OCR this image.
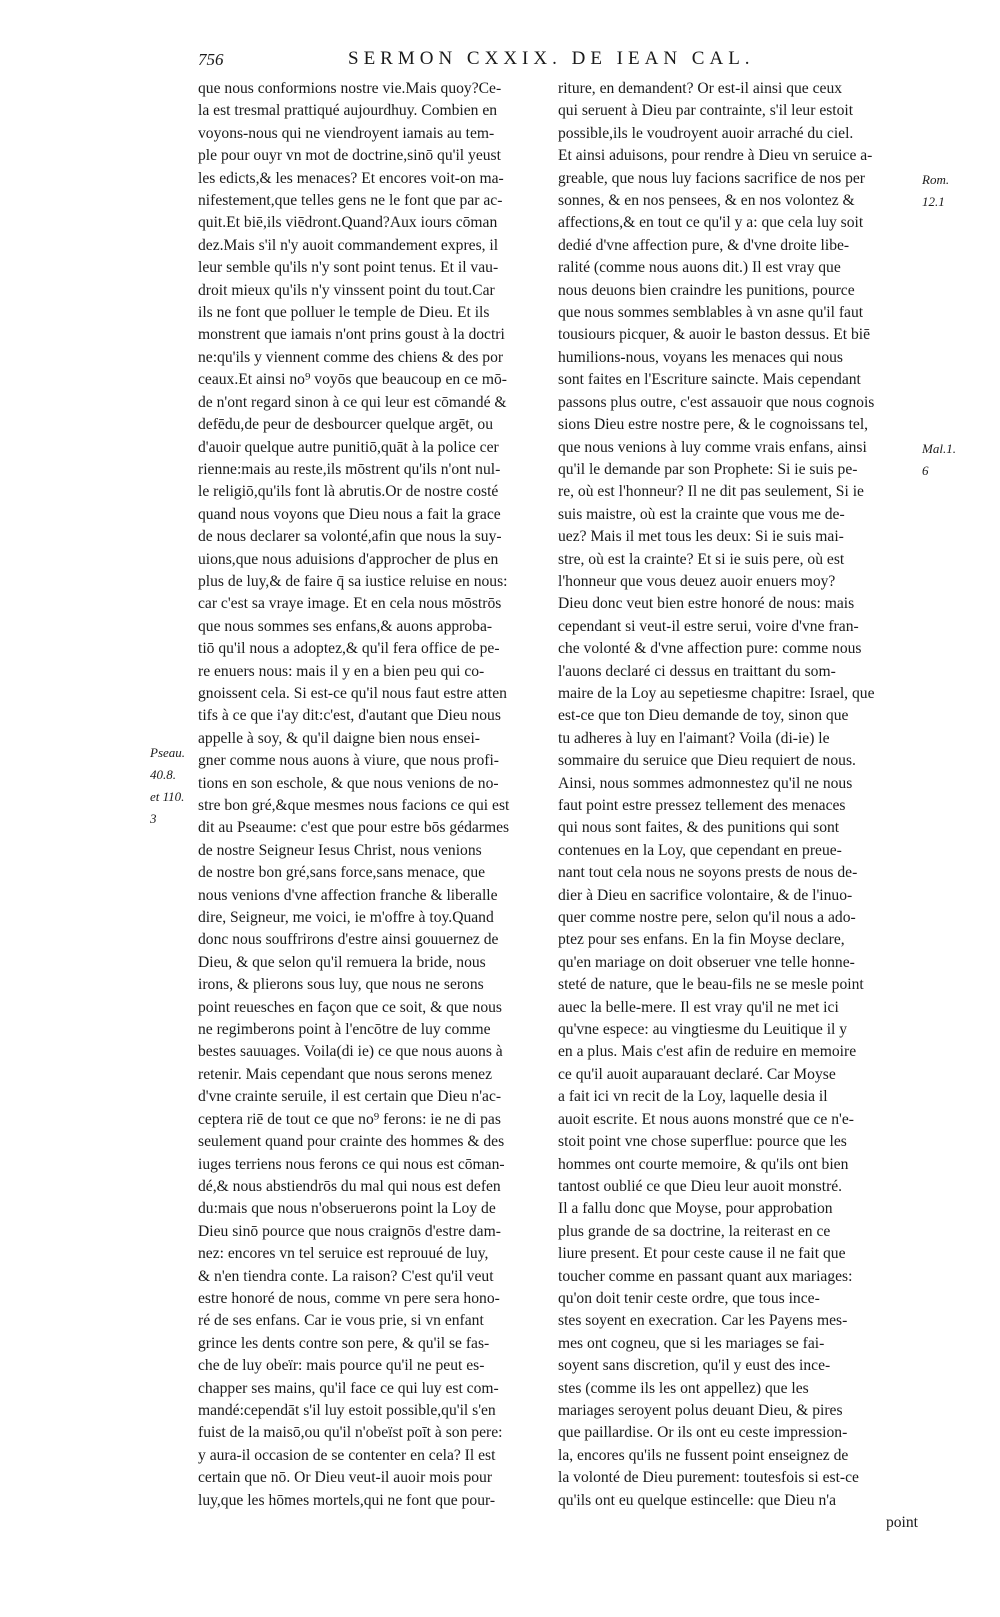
756	SERMON CXXIX. DE IEAN CAL.
que nous conformions nostre vie.Mais quoy?Ce-
la est tresmal prattiqué aujourdhuy. Combien en
voyons-nous qui ne viendroyent iamais au tem-
ple pour ouyr vn mot de doctrine,sinō qu'il yeust
les edicts,& les menaces? Et encores voit-on ma-
nifestement,que telles gens ne le font que par ac-
quit.Et biē,ils viēdront.Quand?Aux iours cōman
dez.Mais s'il n'y auoit commandement expres, il
leur semble qu'ils n'y sont point tenus. Et il vau-
droit mieux qu'ils n'y vinssent point du tout.Car
ils ne font que polluer le temple de Dieu. Et ils
monstrent que iamais n'ont prins goust à la doctri
ne:qu'ils y viennent comme des chiens & des por
ceaux.Et ainsi no⁹ voyōs que beaucoup en ce mō-
de n'ont regard sinon à ce qui leur est cōmandé &
defēdu,de peur de desbourcer quelque argēt, ou
d'auoir quelque autre punitiō,quāt à la police cer
rienne:mais au reste,ils mōstrent qu'ils n'ont nul-
le religiō,qu'ils font là abrutis.Or de nostre costé
quand nous voyons que Dieu nous a fait la grace
de nous declarer sa volonté,afin que nous la suy-
uions,que nous aduisions d'approcher de plus en
plus de luy,& de faire q̄ sa iustice reluise en nous:
car c'est sa vraye image. Et en cela nous mōstrōs
que nous sommes ses enfans,& auons approba-
tiō qu'il nous a adoptez,& qu'il fera office de pe-
re enuers nous: mais il y en a bien peu qui co-
gnoissent cela. Si est-ce qu'il nous faut estre atten
tifs à ce que i'ay dit:c'est, d'autant que Dieu nous
appelle à soy, & qu'il daigne bien nous ensei-
gner comme nous auons à viure, que nous profi-
tions en son eschole, & que nous venions de no-
stre bon gré,&que mesmes nous facions ce qui est
dit au Pseaume: c'est que pour estre bōs gédarmes
de nostre Seigneur Iesus Christ, nous venions
de nostre bon gré,sans force,sans menace, que
nous venions d'vne affection franche & liberalle
dire, Seigneur, me voici, ie m'offre à toy.Quand
donc nous souffrirons d'estre ainsi gouuernez de
Dieu, & que selon qu'il remuera la bride, nous
irons, & plierons sous luy, que nous ne serons
point reuesches en façon que ce soit, & que nous
ne regimberons point à l'encōtre de luy comme
bestes sauuages. Voila(di ie) ce que nous auons à
retenir. Mais cependant que nous serons menez
d'vne crainte seruile, il est certain que Dieu n'ac-
ceptera riē de tout ce que no⁹ ferons: ie ne di pas
seulement quand pour crainte des hommes & des
iuges terriens nous ferons ce qui nous est cōman-
dé,& nous abstiendrōs du mal qui nous est defen
du:mais que nous n'obseruerons point la Loy de
Dieu sinō pource que nous craignōs d'estre dam-
nez: encores vn tel seruice est reprouué de luy,
& n'en tiendra conte. La raison? C'est qu'il veut
estre honoré de nous, comme vn pere sera hono-
ré de ses enfans. Car ie vous prie, si vn enfant
grince les dents contre son pere, & qu'il se fas-
che de luy obeïr: mais pource qu'il ne peut es-
chapper ses mains, qu'il face ce qui luy est com-
mandé:cependāt s'il luy estoit possible,qu'il s'en
fuist de la maisō,ou qu'il n'obeïst poīt à son pere:
y aura-il occasion de se contenter en cela? Il est
certain que nō. Or Dieu veut-il auoir mois pour
luy,que les hōmes mortels,qui ne font que pour-
riture, en demandent? Or est-il ainsi que ceux
qui seruent à Dieu par contrainte, s'il leur estoit
possible,ils le voudroyent auoir arraché du ciel.
Et ainsi aduisons, pour rendre à Dieu vn seruice a-
greable, que nous luy facions sacrifice de nos per
sonnes, & en nos pensees, & en nos volontez &
affections,& en tout ce qu'il y a: que cela luy soit
dedié d'vne affection pure, & d'vne droite libe-
ralité (comme nous auons dit.) Il est vray que
nous deuons bien craindre les punitions, pource
que nous sommes semblables à vn asne qu'il faut
tousiours picquer, & auoir le baston dessus. Et biē
humilions-nous, voyans les menaces qui nous
sont faites en l'Escriture saincte. Mais cependant
passons plus outre, c'est assauoir que nous cognois
sions Dieu estre nostre pere, & le cognoissans tel,
que nous venions à luy comme vrais enfans, ainsi
qu'il le demande par son Prophete: Si ie suis pe-
re, où est l'honneur? Il ne dit pas seulement, Si ie
suis maistre, où est la crainte que vous me de-
uez? Mais il met tous les deux: Si ie suis mai-
stre, où est la crainte? Et si ie suis pere, où est
l'honneur que vous deuez auoir enuers moy?
Dieu donc veut bien estre honoré de nous: mais
cependant si veut-il estre serui, voire d'vne fran-
che volonté & d'vne affection pure: comme nous
l'auons declaré ci dessus en traittant du som-
maire de la Loy au sepetiesme chapitre: Israel, que
est-ce que ton Dieu demande de toy, sinon que
tu adheres à luy en l'aimant? Voila (di-ie) le
sommaire du seruice que Dieu requiert de nous.
Ainsi, nous sommes admonnestez qu'il ne nous
faut point estre pressez tellement des menaces
qui nous sont faites, & des punitions qui sont
contenues en la Loy, que cependant en preue-
nant tout cela nous ne soyons prests de nous de-
dier à Dieu en sacrifice volontaire, & de l'inuo-
quer comme nostre pere, selon qu'il nous a ado-
ptez pour ses enfans. En la fin Moyse declare,
qu'en mariage on doit obseruer vne telle honne-
steté de nature, que le beau-fils ne se mesle point
auec la belle-mere. Il est vray qu'il ne met ici
qu'vne espece: au vingtiesme du Leuitique il y
en a plus. Mais c'est afin de reduire en memoire
ce qu'il auoit auparauant declaré. Car Moyse
a fait ici vn recit de la Loy, laquelle desia il
auoit escrite. Et nous auons monstré que ce n'e-
stoit point vne chose superflue: pource que les
hommes ont courte memoire, & qu'ils ont bien
tantost oublié ce que Dieu leur auoit monstré.
Il a fallu donc que Moyse, pour approbation
plus grande de sa doctrine, la reiterast en ce
liure present. Et pour ceste cause il ne fait que
toucher comme en passant quant aux mariages:
qu'on doit tenir ceste ordre, que tous ince-
stes soyent en execration. Car les Payens mes-
mes ont cogneu, que si les mariages se fai-
soyent sans discretion, qu'il y eust des ince-
stes (comme ils les ont appellez) que les
mariages seroyent polus deuant Dieu, & pires
que paillardise. Or ils ont eu ceste impression-
la, encores qu'ils ne fussent point enseignez de
la volonté de Dieu purement: toutesfois si est-ce
qu'ils ont eu quelque estincelle: que Dieu n'a
point
Pseau.
40.8.
et 110.
3
Rom.
12.1
Mal.1.
6
